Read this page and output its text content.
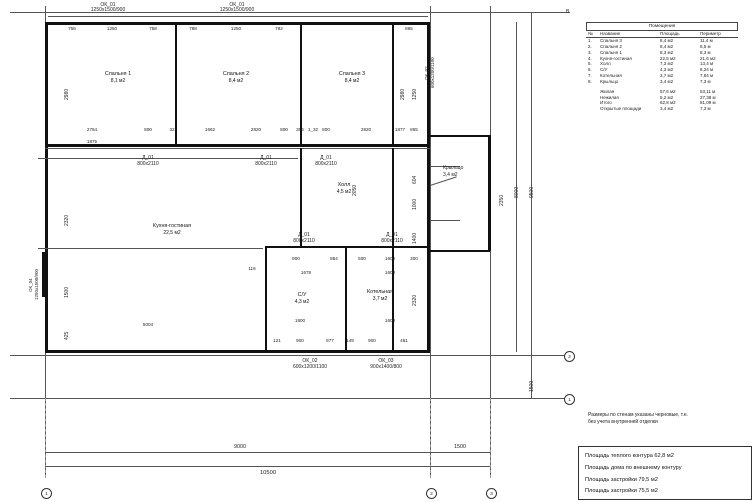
1	2	3
В
2
1
Спальня 1
8,1 м2
Спальня 2
8,4 м2
Спальня 3
8,4 м2
Кухня-гостиная
22,5 м2
Холл
4,5 м2
С/У
4,3 м2
Котельная
3,7 м2
Крыльцо
3,4 м2
ОК_01
1250x1500/900
ОК_01
1250x1500/900
ОК_02
600x1200/1100
ОК_03
900x1400/800
Д_01
800x2110
Д_01
800x2110
Д_01
800x2110
Д_01
800x2110
Д_01
800x2110
ОК_02 600x1200/1100
ОК_04 1250x1500/900
756	1250	758	788	1250	782	865
2764	800	32	1662	2820	800 356 1_32 800	2820	1877 865
1875
116
900	884	500	1600	300
1678	1600
5004
1800	1600
121	900	877	149	900	451
2980	2980 1250
604
1000
1400
2320
2050
2350
2320
1500
425
8000 9500
1500
9000	1500
10500
Помещения
№	Название	Площадь	Периметр
1.	Спальня 3	8,4 м2	11,4 м
2.	Спальня 2	8,4 м2	8,5 м
3.	Спальня 1	8,3 м2	8,3 м
4.	Кухня-гостиная	22,5 м2	21,6 м2
5.	Холл	7,3 м2	13,4 м
6.	С/У	4,3 м2	8,24 м
7.	Котельная	3,7 м2	7,84 м
8.	Крыльцо	3,4 м2	7,3 м
	Жилая	57,6 м2	53,11 м
	Нежилая	5,2 м2	27,38 м
	Итого	62,8 м2	81,09 м
	Открытые площади	3,4 м2	7,3 м
Размеры по стенам указаны черновые, т.е.
без учета внутренней отделки
Площадь теплого контура 62,8 м2
Площадь дома по внешнему контуру
Площадь застройки 79,5 м2
Площадь застройки 75,5 м2
